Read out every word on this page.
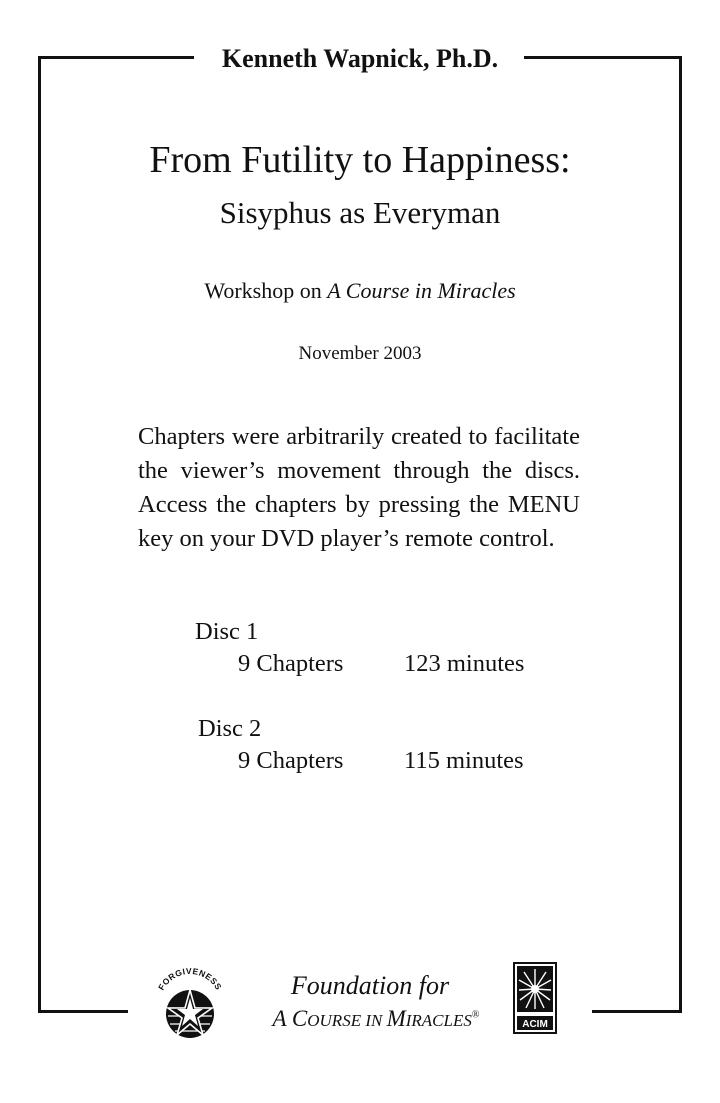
Kenneth Wapnick, Ph.D.
From Futility to Happiness:
Sisyphus as Everyman
Workshop on A Course in Miracles
November 2003
Chapters were arbitrarily created to facilitate the viewer’s movement through the discs. Access the chapters by pressing the MENU key on your DVD player’s remote control.
Disc 1
9 Chapters 123 minutes
Disc 2
9 Chapters 115 minutes
FORGIVENESS	Foundation for
A COURSE IN MIRACLES®
ACIM
